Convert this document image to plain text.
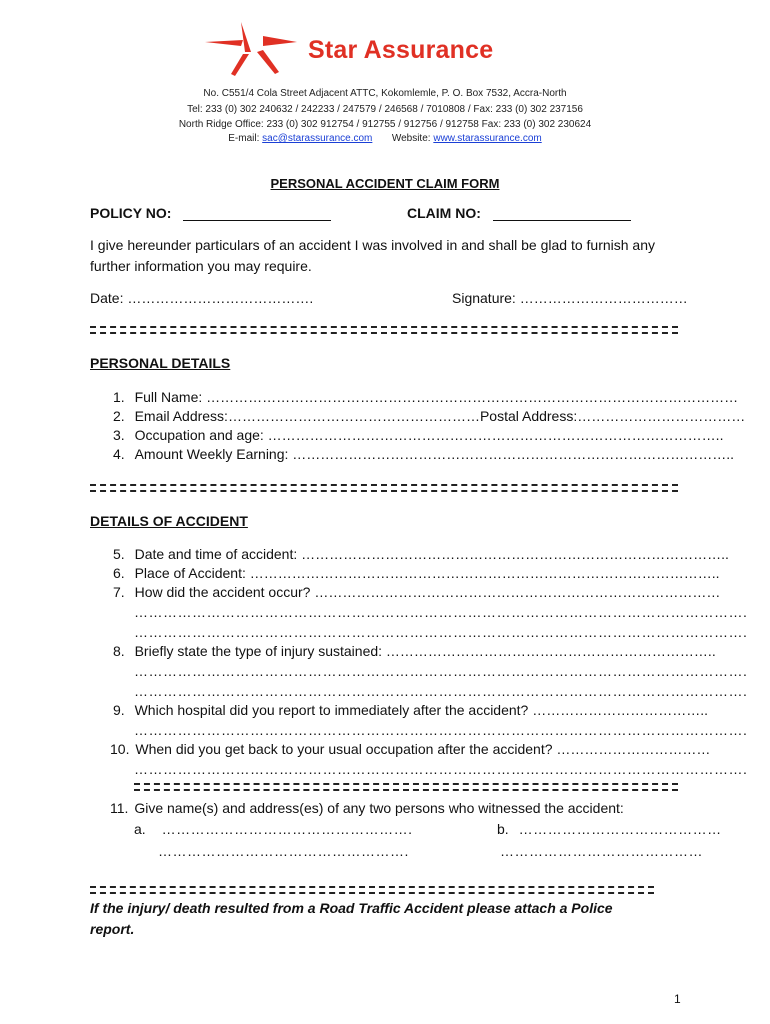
Star Assurance
No. C551/4 Cola Street Adjacent ATTC, Kokomlemle, P. O. Box 7532, Accra-North
Tel: 233 (0) 302 240632 / 242233 / 247579 / 246568 / 7010808 / Fax: 233 (0) 302 237156
North Ridge Office: 233 (0) 302 912754 / 912755 / 912756 / 912758 Fax: 233 (0) 302 230624
E-mail: sac@starassurance.com Website: www.starassurance.com
PERSONAL ACCIDENT CLAIM FORM
POLICY NO:	CLAIM NO:
I give hereunder particulars of an accident I was involved in and shall be glad to furnish any
further information you may require.
Date: ………………………………….	Signature: ………………………………
PERSONAL DETAILS
1. Full Name: ……………………………………………………………………………………………………
2. Email Address:………………………………………………Postal Address:………………………………
3. Occupation and age: ……………………………………………………………………………………..
4. Amount Weekly Earning: …………………………………………………………………………………..
DETAILS OF ACCIDENT
5. Date and time of accident: ………………………………………………………………………………..
6. Place of Accident: ………………………………………………………………………………………..
7. How did the accident occur? ……………………………………………………………………………
……………………………………………………………………………………………………………….
……………………………………………………………………………………………………………….
8. Briefly state the type of injury sustained: ……………………………………………………………..
……………………………………………………………………………………………………………….
……………………………………………………………………………………………………………….
9. Which hospital did you report to immediately after the accident? ………………………………..
……………………………………………………………………………………………………………….
10. When did you get back to your usual occupation after the accident? ……………………………
……………………………………………………………………………………………………………….
11. Give name(s) and address(es) of any two persons who witnessed the accident:
a. …………………………………………….	b. ……………………………………
…………………………………………….	……………………………………
If the injury/ death resulted from a Road Traffic Accident please attach a Police
report.
1
